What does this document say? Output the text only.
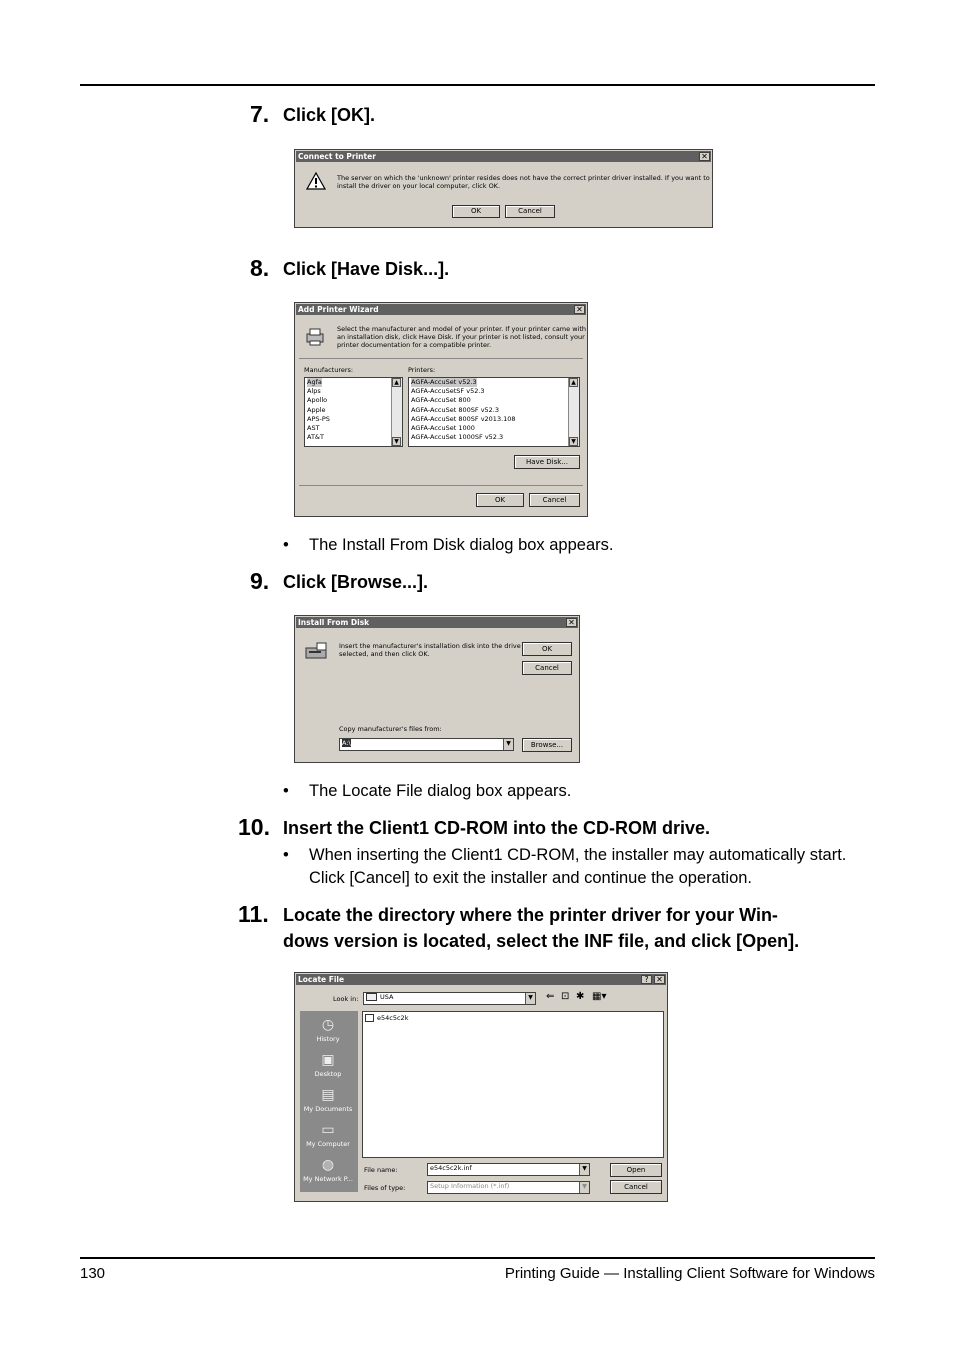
7. Click [OK].
Connect to Printer	✕
The server on which the 'unknown' printer resides does not have the correct printer driver installed. If you want to
install the driver on your local computer, click OK.
OK	Cancel
8. Click [Have Disk...].
Add Printer Wizard	✕
Select the manufacturer and model of your printer. If your printer came with
an installation disk, click Have Disk. If your printer is not listed, consult your
printer documentation for a compatible printer.
Manufacturers:	Printers:
Agfa
Alps
Apollo
Apple
APS-PS
AST
AT&T
▲
▼
AGFA-AccuSet v52.3
AGFA-AccuSetSF v52.3
AGFA-AccuSet 800
AGFA-AccuSet 800SF v52.3
AGFA-AccuSet 800SF v2013.108
AGFA-AccuSet 1000
AGFA-AccuSet 1000SF v52.3
▲
▼
Have Disk...
OK	Cancel
• The Install From Disk dialog box appears.
9. Click [Browse...].
Install From Disk	✕
Insert the manufacturer's installation disk into the drive
selected, and then click OK.
OK
Cancel
Copy manufacturer's files from:
A:\	▼	Browse...
• The Locate File dialog box appears.
10. Insert the Client1 CD-ROM into the CD-ROM drive.
• When inserting the Client1 CD-ROM, the installer may automatically start. Click [Cancel] to exit the installer and continue the operation.
11. Locate the directory where the printer driver for your Win-
dows version is located, select the INF file, and click [Open].
Locate File	? ✕
Look in:	USA	▼ ⇐ ⊡ ✱ ▦▾
◷
History
▣
Desktop
▤
My Documents
▭
My Computer
◍
My Network P...
e54c5c2k
File name:	e54c5c2k.inf	▼
Files of type:	Setup Information (*.inf)	▼
Open
Cancel
130	Printing Guide — Installing Client Software for Windows
